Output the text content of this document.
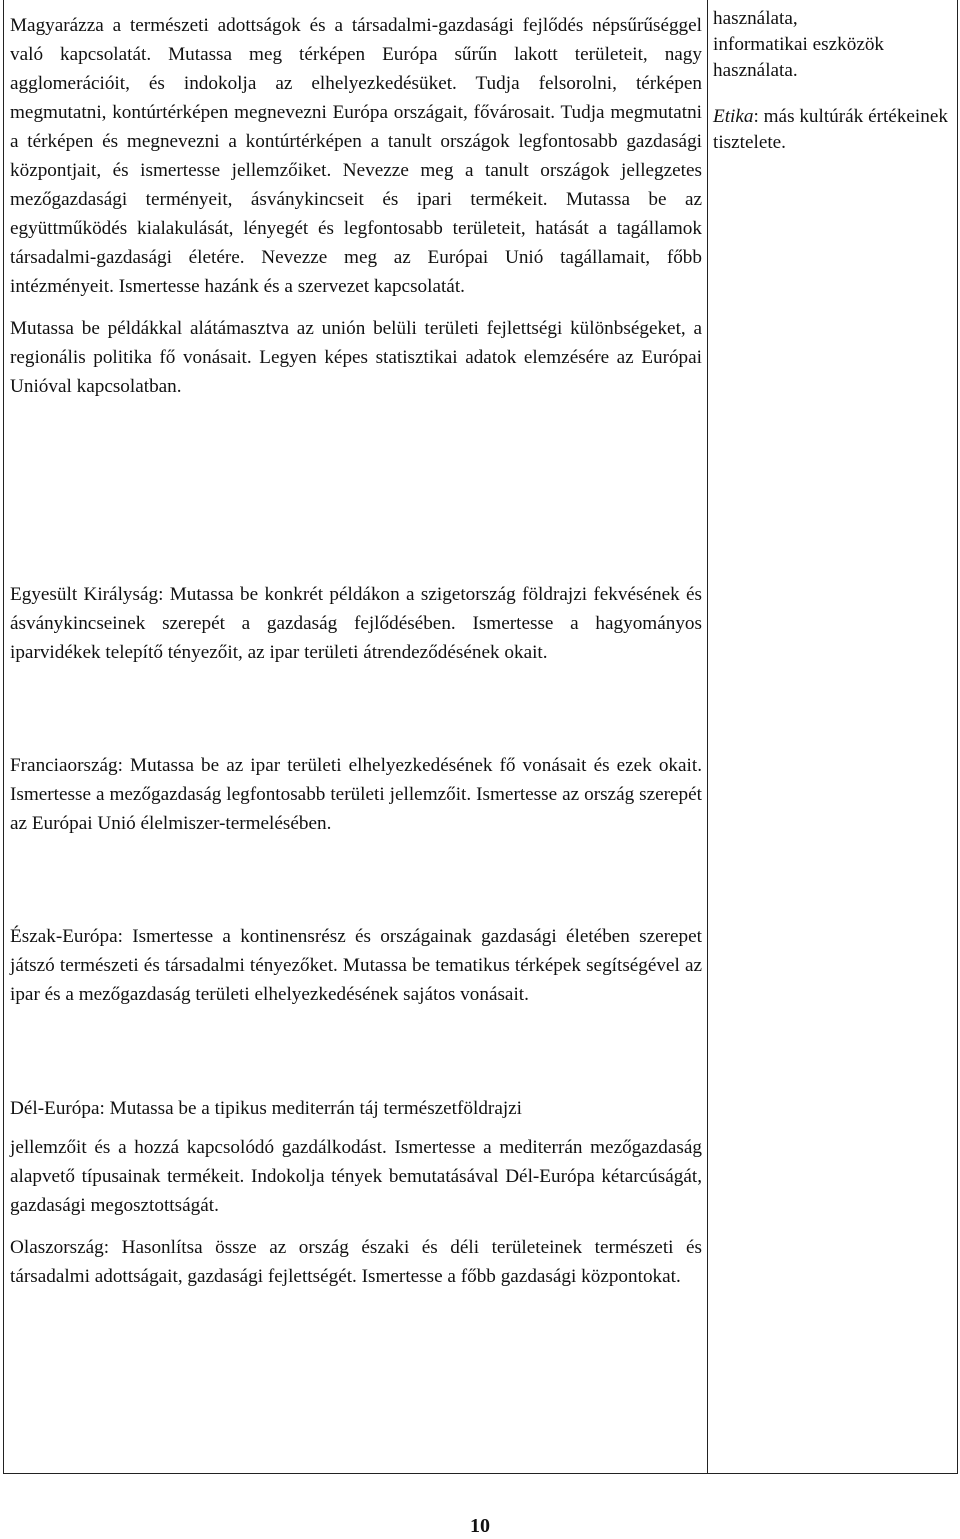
Magyarázza a természeti adottságok és a társadalmi-gazdasági fejlődés népsűrűséggel való kapcsolatát. Mutassa meg térképen Európa sűrűn lakott területeit, nagy agglomerációit, és indokolja az elhelyezkedésüket. Tudja felsorolni, térképen megmutatni, kontúrtérképen megnevezni Európa országait, fővárosait. Tudja megmutatni a térképen és megnevezni a kontúrtérképen a tanult országok legfontosabb gazdasági központjait, és ismertesse jellemzőiket. Nevezze meg a tanult országok jellegzetes mezőgazdasági terményeit, ásványkincseit és ipari termékeit. Mutassa be az együttműködés kialakulását, lényegét és legfontosabb területeit, hatását a tagállamok társadalmi-gazdasági életére. Nevezze meg az Európai Unió tagállamait, főbb intézményeit. Ismertesse hazánk és a szervezet kapcsolatát.

Mutassa be példákkal alátámasztva az unión belüli területi fejlettségi különbségeket, a regionális politika fő vonásait. Legyen képes statisztikai adatok elemzésére az Európai Unióval kapcsolatban.

Egyesült Királyság: Mutassa be konkrét példákon a szigetország földrajzi fekvésének és ásványkincseinek szerepét a gazdaság fejlődésében. Ismertesse a hagyományos iparvidékek telepítő tényezőit, az ipar területi átrendeződésének okait.

Franciaország: Mutassa be az ipar területi elhelyezkedésének fő vonásait és ezek okait. Ismertesse a mezőgazdaság legfontosabb területi jellemzőit. Ismertesse az ország szerepét az Európai Unió élelmiszer-termelésében.

Észak-Európa: Ismertesse a kontinensrész és országainak gazdasági életében szerepet játszó természeti és társadalmi tényezőket. Mutassa be tematikus térképek segítségével az ipar és a mezőgazdaság területi elhelyezkedésének sajátos vonásait.

Dél-Európa: Mutassa be a tipikus mediterrán táj természetföldrajzi

jellemzőit és a hozzá kapcsolódó gazdálkodást. Ismertesse a mediterrán mezőgazdaság alapvető típusainak termékeit. Indokolja tények bemutatásával Dél-Európa kétarcúságát, gazdasági megosztottságát.

Olaszország: Hasonlítsa össze az ország északi és déli területeinek természeti és társadalmi adottságait, gazdasági fejlettségét. Ismertesse a főbb gazdasági központokat.

használata,

informatikai eszközök

használata.

Etika: más kultúrák értékeinek tisztelete.

10
